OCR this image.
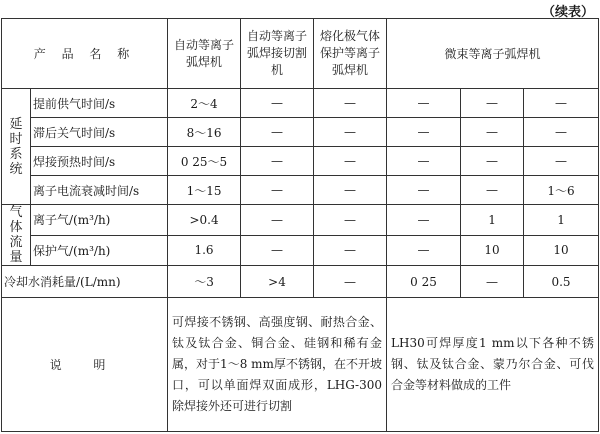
（续表）
产 品 名 称		自动等离子弧焊机	自动等离子弧焊接切割机	熔化极气体保护等离子弧焊机	微束等离子弧焊机		
延时系统	提前供气时间/s	2～4	—	—	—	—	—
	滞后关气时间/s	8～16	—	—	—	—	—
	焊接预热时间/s	0 25～5	—	—	—	—	—
	离子电流衰减时间/s	1～15	—	—	—	—	1～6
气体流量	离子气/(m³/h)	>0.4	—	—	—	1	1
	保护气/(m³/h)	1.6	—	—	—	10	10
冷却水消耗量/(L/mn)		～3	>4	—	0 25	—	0.5
说 明		可焊接不锈钢、高强度钢、耐热合金、钛及钛合金、铜合金、硅钢和稀有金属，对于1～8 mm厚不锈钢，在不开坡口，可以单面焊双面成形，LHG-300除焊接外还可进行切割			LH30可焊厚度1 mm以下各种不锈钢、钛及钛合金、蒙乃尔合金、可伐合金等材料做成的工件		
